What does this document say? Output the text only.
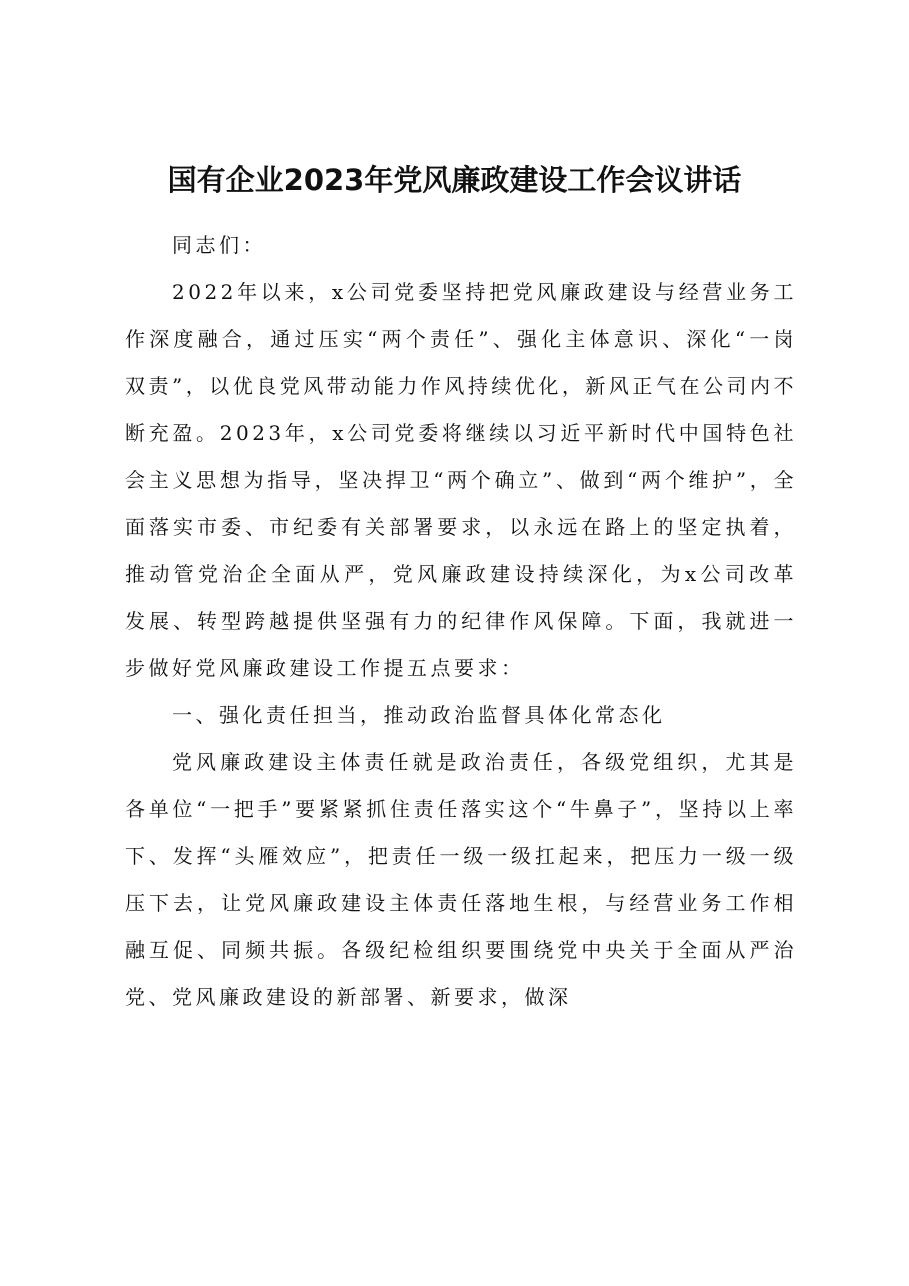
国有企业2023年党风廉政建设工作会议讲话

同志们：

2022年以来，x公司党委坚持把党风廉政建设与经营业务工作深度融合，通过压实“两个责任”、强化主体意识、深化“一岗双责”，以优良党风带动能力作风持续优化，新风正气在公司内不断充盈。2023年，x公司党委将继续以习近平新时代中国特色社会主义思想为指导，坚决捍卫“两个确立”、做到“两个维护”，全面落实市委、市纪委有关部署要求，以永远在路上的坚定执着，推动管党治企全面从严，党风廉政建设持续深化，为x公司改革发展、转型跨越提供坚强有力的纪律作风保障。下面，我就进一步做好党风廉政建设工作提五点要求：

一、强化责任担当，推动政治监督具体化常态化

党风廉政建设主体责任就是政治责任，各级党组织，尤其是各单位“一把手”要紧紧抓住责任落实这个“牛鼻子”，坚持以上率下、发挥“头雁效应”，把责任一级一级扛起来，把压力一级一级压下去，让党风廉政建设主体责任落地生根，与经营业务工作相融互促、同频共振。各级纪检组织要围绕党中央关于全面从严治党、党风廉政建设的新部署、新要求，做深
